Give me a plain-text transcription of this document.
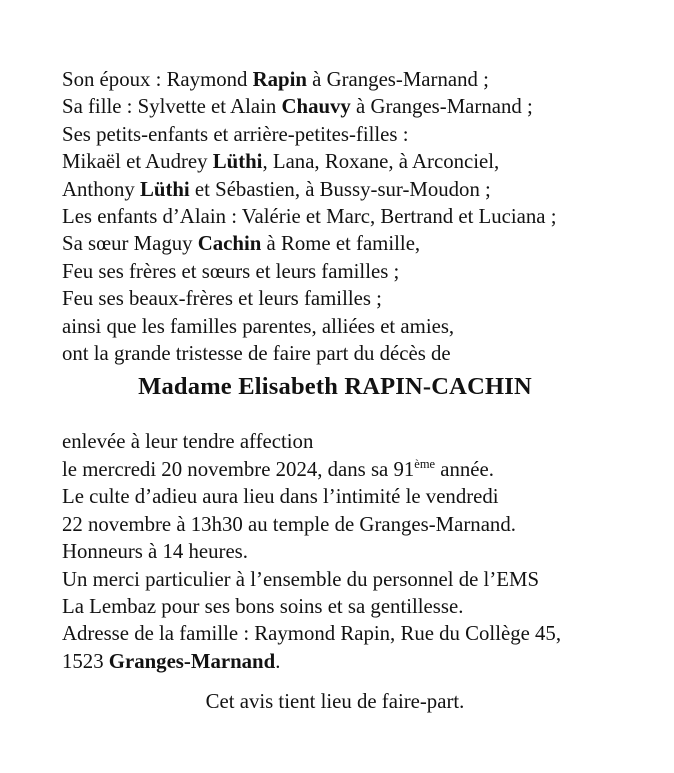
Son époux : Raymond Rapin à Granges-Marnand ;
Sa fille : Sylvette et Alain Chauvy à Granges-Marnand ;
Ses petits-enfants et arrière-petites-filles :
Mikaël et Audrey Lüthi, Lana, Roxane, à Arconciel,
Anthony Lüthi et Sébastien, à Bussy-sur-Moudon ;
Les enfants d’Alain : Valérie et Marc, Bertrand et Luciana ;
Sa sœur Maguy Cachin à Rome et famille,
Feu ses frères et sœurs et leurs familles ;
Feu ses beaux-frères et leurs familles ;
ainsi que les familles parentes, alliées et amies,
ont la grande tristesse de faire part du décès de
Madame Elisabeth RAPIN-CACHIN
enlevée à leur tendre affection
le mercredi 20 novembre 2024, dans sa 91ème année.
Le culte d’adieu aura lieu dans l’intimité le vendredi
22 novembre à 13h30 au temple de Granges-Marnand.
Honneurs à 14 heures.
Un merci particulier à l’ensemble du personnel de l’EMS
La Lembaz pour ses bons soins et sa gentillesse.
Adresse de la famille : Raymond Rapin, Rue du Collège 45,
1523 Granges-Marnand.

Cet avis tient lieu de faire-part.
